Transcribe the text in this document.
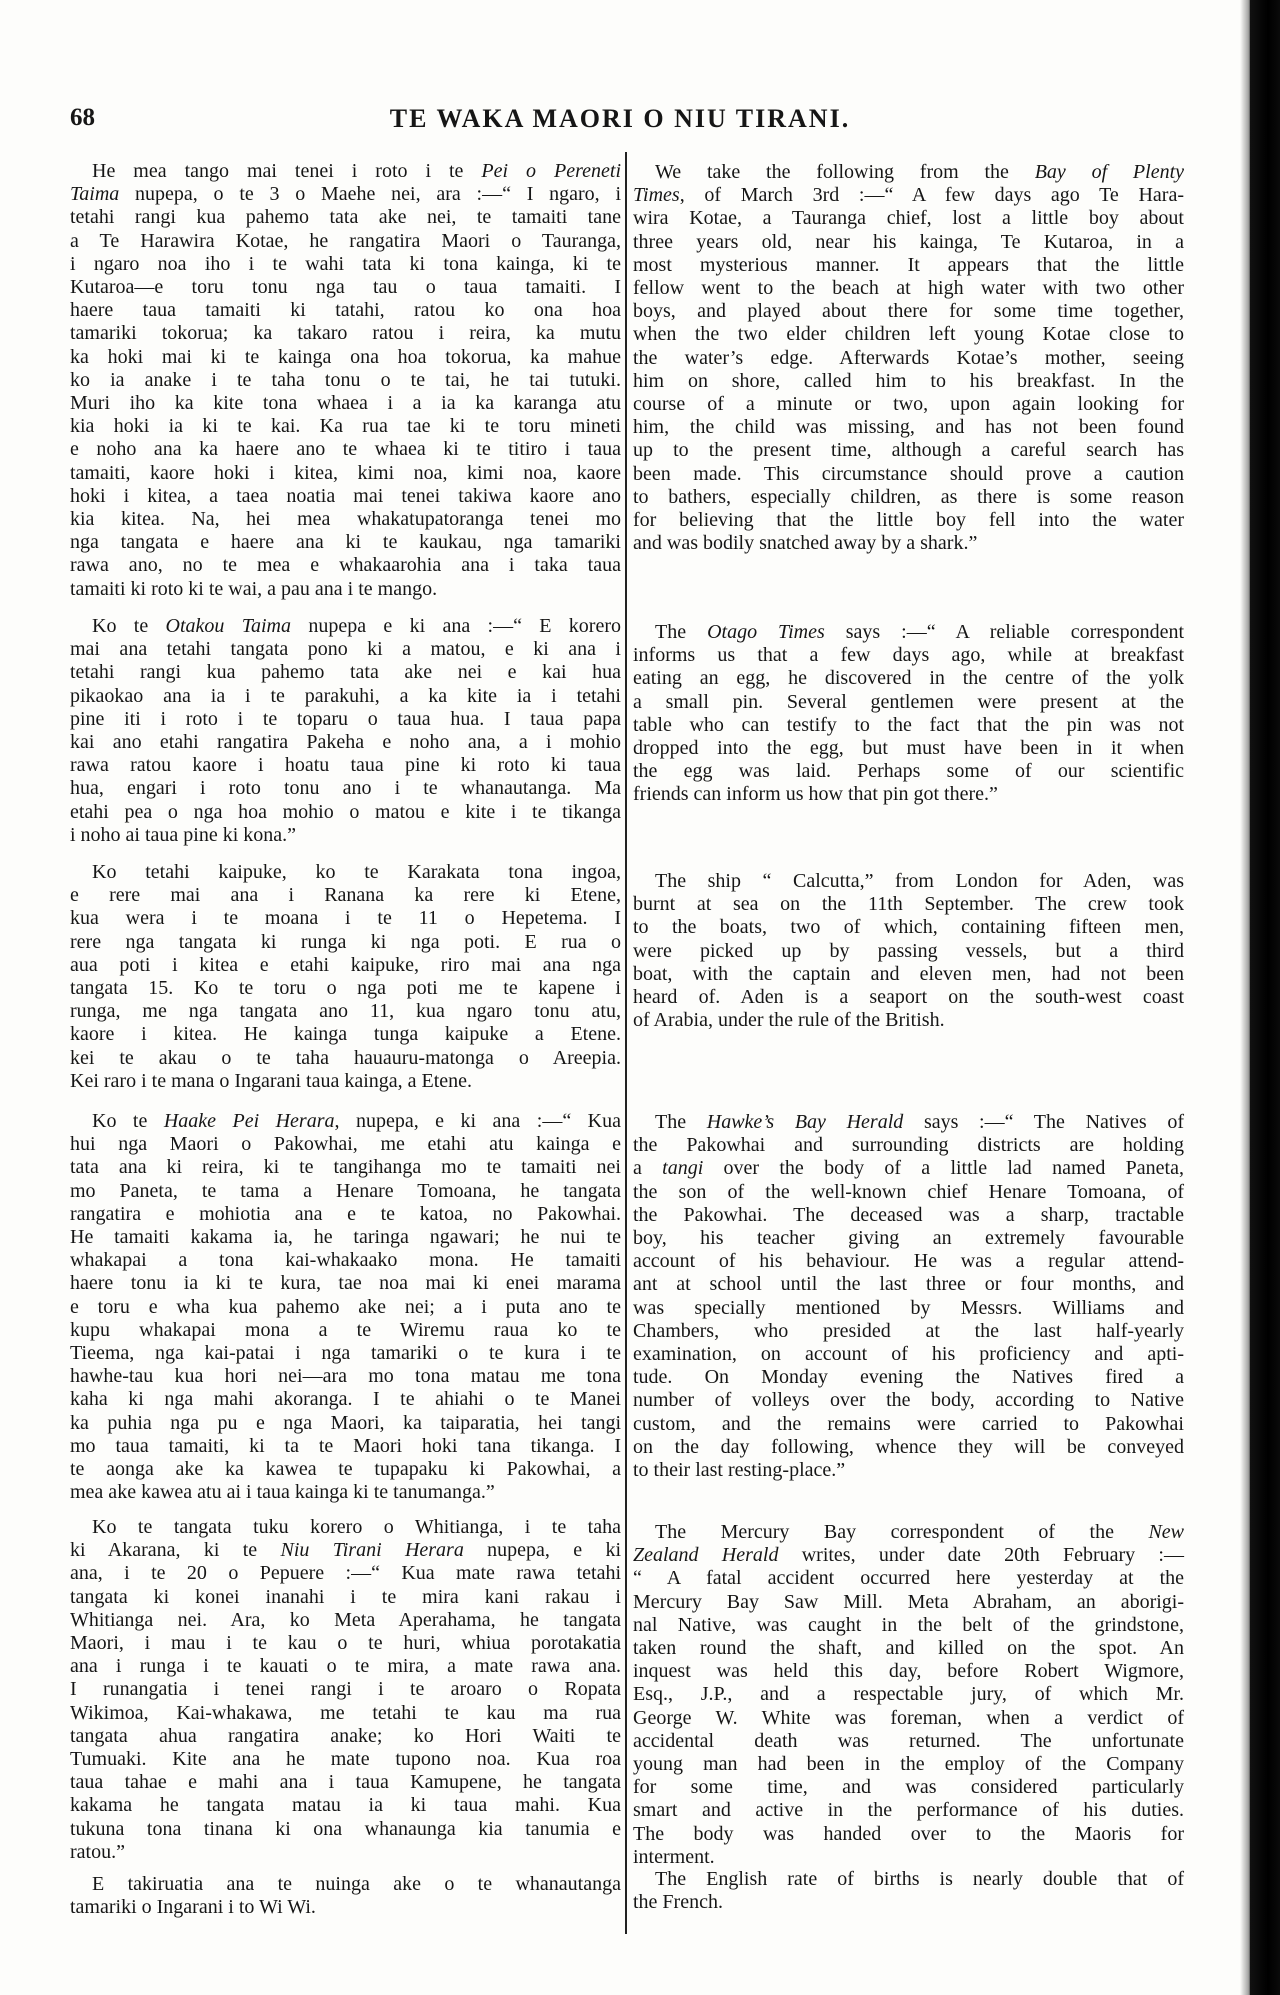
68	TE WAKA MAORI O NIU TIRANI.
He mea tango mai tenei i roto i te Pei o Pereneti
Taima nupepa, o te 3 o Maehe nei, ara :—“ I ngaro, i
tetahi rangi kua pahemo tata ake nei, te tamaiti tane
a Te Harawira Kotae, he rangatira Maori o Tauranga,
i ngaro noa iho i te wahi tata ki tona kainga, ki te
Kutaroa—e toru tonu nga tau o taua tamaiti. I
haere taua tamaiti ki tatahi, ratou ko ona hoa
tamariki tokorua; ka takaro ratou i reira, ka mutu
ka hoki mai ki te kainga ona hoa tokorua, ka mahue
ko ia anake i te taha tonu o te tai, he tai tutuki.
Muri iho ka kite tona whaea i a ia ka karanga atu
kia hoki ia ki te kai. Ka rua tae ki te toru mineti
e noho ana ka haere ano te whaea ki te titiro i taua
tamaiti, kaore hoki i kitea, kimi noa, kimi noa, kaore
hoki i kitea, a taea noatia mai tenei takiwa kaore ano
kia kitea. Na, hei mea whakatupatoranga tenei mo
nga tangata e haere ana ki te kaukau, nga tamariki
rawa ano, no te mea e whakaarohia ana i taka taua
tamaiti ki roto ki te wai, a pau ana i te mango.
Ko te Otakou Taima nupepa e ki ana :—“ E korero
mai ana tetahi tangata pono ki a matou, e ki ana i
tetahi rangi kua pahemo tata ake nei e kai hua
pikaokao ana ia i te parakuhi, a ka kite ia i tetahi
pine iti i roto i te toparu o taua hua. I taua papa
kai ano etahi rangatira Pakeha e noho ana, a i mohio
rawa ratou kaore i hoatu taua pine ki roto ki taua
hua, engari i roto tonu ano i te whanautanga. Ma
etahi pea o nga hoa mohio o matou e kite i te tikanga
i noho ai taua pine ki kona.”
Ko tetahi kaipuke, ko te Karakata tona ingoa,
e rere mai ana i Ranana ka rere ki Etene,
kua wera i te moana i te 11 o Hepetema. I
rere nga tangata ki runga ki nga poti. E rua o
aua poti i kitea e etahi kaipuke, riro mai ana nga
tangata 15. Ko te toru o nga poti me te kapene i
runga, me nga tangata ano 11, kua ngaro tonu atu,
kaore i kitea. He kainga tunga kaipuke a Etene.
kei te akau o te taha hauauru-matonga o Areepia.
Kei raro i te mana o Ingarani taua kainga, a Etene.
Ko te Haake Pei Herara, nupepa, e ki ana :—“ Kua
hui nga Maori o Pakowhai, me etahi atu kainga e
tata ana ki reira, ki te tangihanga mo te tamaiti nei
mo Paneta, te tama a Henare Tomoana, he tangata
rangatira e mohiotia ana e te katoa, no Pakowhai.
He tamaiti kakama ia, he taringa ngawari; he nui te
whakapai a tona kai-whakaako mona. He tamaiti
haere tonu ia ki te kura, tae noa mai ki enei marama
e toru e wha kua pahemo ake nei; a i puta ano te
kupu whakapai mona a te Wiremu raua ko te
Tieema, nga kai-patai i nga tamariki o te kura i te
hawhe-tau kua hori nei—ara mo tona matau me tona
kaha ki nga mahi akoranga. I te ahiahi o te Manei
ka puhia nga pu e nga Maori, ka taiparatia, hei tangi
mo taua tamaiti, ki ta te Maori hoki tana tikanga. I
te aonga ake ka kawea te tupapaku ki Pakowhai, a
mea ake kawea atu ai i taua kainga ki te tanumanga.”
Ko te tangata tuku korero o Whitianga, i te taha
ki Akarana, ki te Niu Tirani Herara nupepa, e ki
ana, i te 20 o Pepuere :—“ Kua mate rawa tetahi
tangata ki konei inanahi i te mira kani rakau i
Whitianga nei. Ara, ko Meta Aperahama, he tangata
Maori, i mau i te kau o te huri, whiua porotakatia
ana i runga i te kauati o te mira, a mate rawa ana.
I runangatia i tenei rangi i te aroaro o Ropata
Wikimoa, Kai-whakawa, me tetahi te kau ma rua
tangata ahua rangatira anake; ko Hori Waiti te
Tumuaki. Kite ana he mate tupono noa. Kua roa
taua tahae e mahi ana i taua Kamupene, he tangata
kakama he tangata matau ia ki taua mahi. Kua
tukuna tona tinana ki ona whanaunga kia tanumia e
ratou.”
E takiruatia ana te nuinga ake o te whanautanga
tamariki o Ingarani i to Wi Wi.
We take the following from the Bay of Plenty
Times, of March 3rd :—“ A few days ago Te Hara-
wira Kotae, a Tauranga chief, lost a little boy about
three years old, near his kainga, Te Kutaroa, in a
most mysterious manner. It appears that the little
fellow went to the beach at high water with two other
boys, and played about there for some time together,
when the two elder children left young Kotae close to
the water’s edge. Afterwards Kotae’s mother, seeing
him on shore, called him to his breakfast. In the
course of a minute or two, upon again looking for
him, the child was missing, and has not been found
up to the present time, although a careful search has
been made. This circumstance should prove a caution
to bathers, especially children, as there is some reason
for believing that the little boy fell into the water
and was bodily snatched away by a shark.”
The Otago Times says :—“ A reliable correspondent
informs us that a few days ago, while at breakfast
eating an egg, he discovered in the centre of the yolk
a small pin. Several gentlemen were present at the
table who can testify to the fact that the pin was not
dropped into the egg, but must have been in it when
the egg was laid. Perhaps some of our scientific
friends can inform us how that pin got there.”
The ship “ Calcutta,” from London for Aden, was
burnt at sea on the 11th September. The crew took
to the boats, two of which, containing fifteen men,
were picked up by passing vessels, but a third
boat, with the captain and eleven men, had not been
heard of. Aden is a seaport on the south-west coast
of Arabia, under the rule of the British.
The Hawke’s Bay Herald says :—“ The Natives of
the Pakowhai and surrounding districts are holding
a tangi over the body of a little lad named Paneta,
the son of the well-known chief Henare Tomoana, of
the Pakowhai. The deceased was a sharp, tractable
boy, his teacher giving an extremely favourable
account of his behaviour. He was a regular attend-
ant at school until the last three or four months, and
was specially mentioned by Messrs. Williams and
Chambers, who presided at the last half-yearly
examination, on account of his proficiency and apti-
tude. On Monday evening the Natives fired a
number of volleys over the body, according to Native
custom, and the remains were carried to Pakowhai
on the day following, whence they will be conveyed
to their last resting-place.”
The Mercury Bay correspondent of the New
Zealand Herald writes, under date 20th February :—
“ A fatal accident occurred here yesterday at the
Mercury Bay Saw Mill. Meta Abraham, an aborigi-
nal Native, was caught in the belt of the grindstone,
taken round the shaft, and killed on the spot. An
inquest was held this day, before Robert Wigmore,
Esq., J.P., and a respectable jury, of which Mr.
George W. White was foreman, when a verdict of
accidental death was returned. The unfortunate
young man had been in the employ of the Company
for some time, and was considered particularly
smart and active in the performance of his duties.
The body was handed over to the Maoris for
interment.
The English rate of births is nearly double that of
the French.
